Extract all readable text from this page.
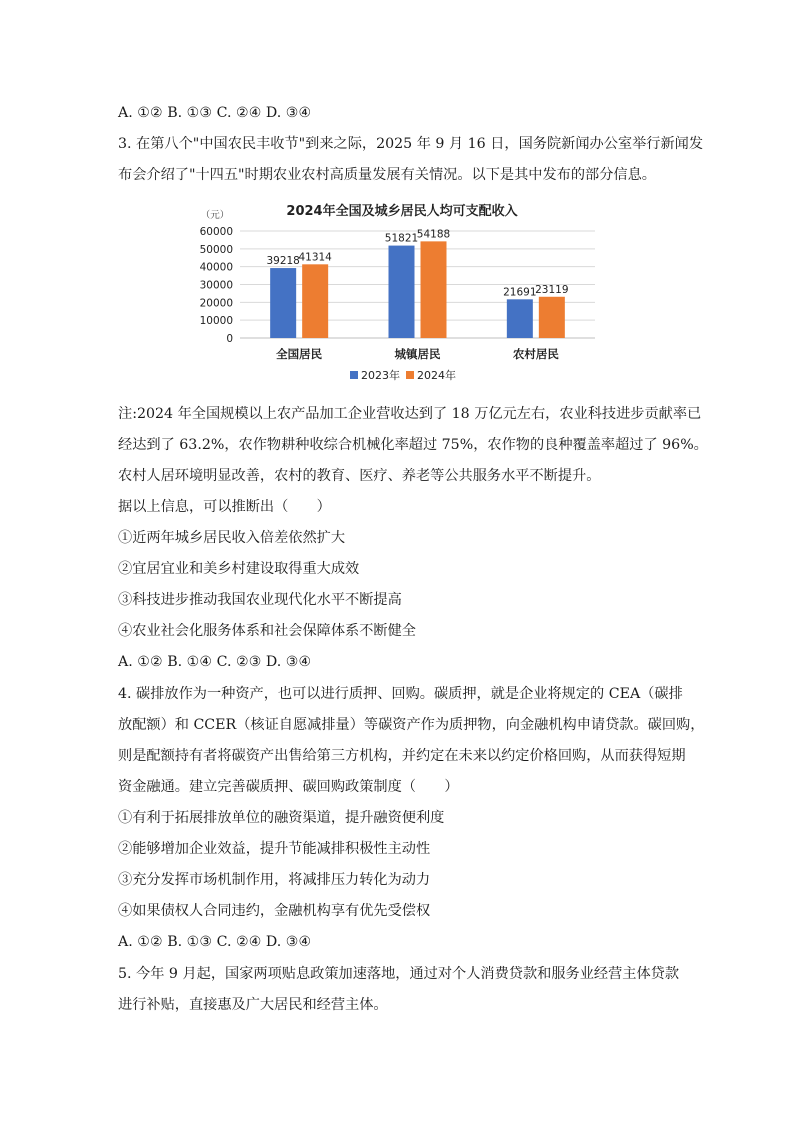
A. ①② B. ①③ C. ②④ D. ③④
3. 在第八个"中国农民丰收节"到来之际，2025 年 9 月 16 日，国务院新闻办公室举行新闻发
布会介绍了"十四五"时期农业农村高质量发展有关情况。以下是其中发布的部分信息。
2024年全国及城乡居民人均可支配收入
（元）
0
10000
20000
30000
40000
50000
60000
39218
41314
51821
54188
21691
23119
全国居民	城镇居民	农村居民
2023年 2024年
注:2024 年全国规模以上农产品加工企业营收达到了 18 万亿元左右，农业科技进步贡献率已
经达到了 63.2%，农作物耕种收综合机械化率超过 75%，农作物的良种覆盖率超过了 96%。
农村人居环境明显改善，农村的教育、医疗、养老等公共服务水平不断提升。
据以上信息，可以推断出（　　）
①近两年城乡居民收入倍差依然扩大
②宜居宜业和美乡村建设取得重大成效
③科技进步推动我国农业现代化水平不断提高
④农业社会化服务体系和社会保障体系不断健全
A. ①② B. ①④ C. ②③ D. ③④
4. 碳排放作为一种资产，也可以进行质押、回购。碳质押，就是企业将规定的 CEA（碳排
放配额）和 CCER（核证自愿减排量）等碳资产作为质押物，向金融机构申请贷款。碳回购，
则是配额持有者将碳资产出售给第三方机构，并约定在未来以约定价格回购，从而获得短期
资金融通。建立完善碳质押、碳回购政策制度（　　）
①有利于拓展排放单位的融资渠道，提升融资便利度
②能够增加企业效益，提升节能减排积极性主动性
③充分发挥市场机制作用，将减排压力转化为动力
④如果债权人合同违约，金融机构享有优先受偿权
A. ①② B. ①③ C. ②④ D. ③④
5. 今年 9 月起，国家两项贴息政策加速落地，通过对个人消费贷款和服务业经营主体贷款
进行补贴，直接惠及广大居民和经营主体。
